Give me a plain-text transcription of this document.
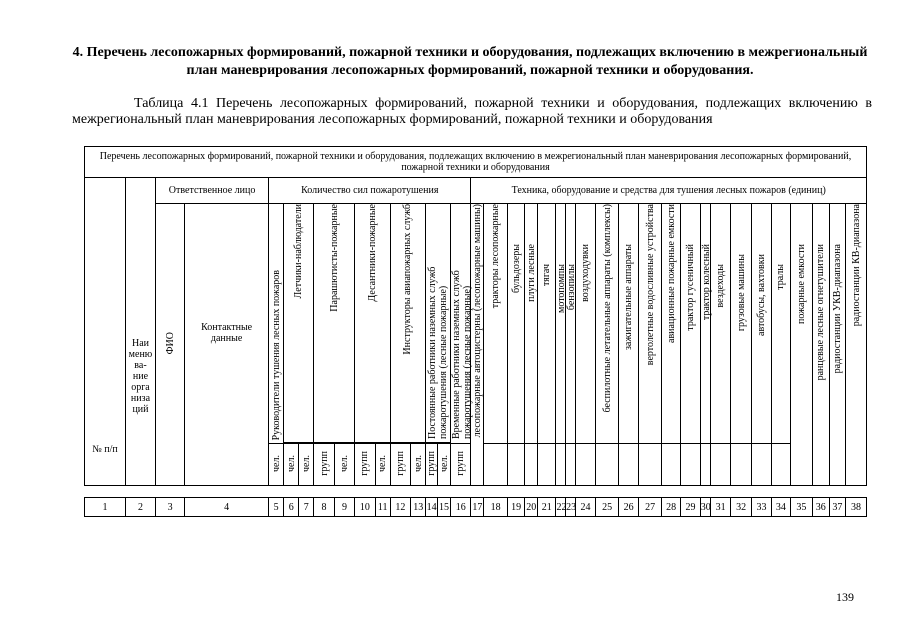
4. Перечень лесопожарных формирований, пожарной техники и оборудования, подлежащих включению в межрегиональный план маневрирования лесопожарных формирований, пожарной техники и оборудования.
Таблица 4.1 Перечень лесопожарных формирований, пожарной техники и оборудования, подлежащих включению в межрегиональный план маневрирования лесопожарных формирований, пожарной техники и оборудования
Перечень лесопожарных формирований, пожарной техники и оборудования, подлежащих включению в межрегиональный план маневрирования лесопожарных формирований, пожарной техники и оборудования																																					

№ п/п	Наи меню ва- ние орга низа ций	Ответственное лицо		Количество сил пожаротушения												Техника, оборудование и средства для тушения лесных пожаров (единиц)																					
		ФИО	Контактные данные	Руководители тушения лесных пожаров	Летчики-наблюдатели		Парашютисты-пожарные		Десантники-пожарные		Инструкторы авиапожарных служб		Постоянные работники наземных служб пожаротушения (лесные пожарные)		Временные работники наземных служб пожаротушения (лесные пожарные)	лесопожарные автоцистерны (лесопожарные машины)	тракторы лесопожарные	бульдозеры	плуги лесные	тягач	мотопомпы	бензопилы	воздуходувки	беспилотные летательные аппараты (комплексы)	зажигательные аппараты	вертолетные водосливные устройства	авиационные пожарные емкости	трактор гусеничный	трактор колесный	вездеходы	грузовые машины	автобусы, вахтовки	тралы	пожарные емкости	ранцевые лесные огнетушители	радиостанции УКВ-диапазона	радиостанции КВ-диапазона

				чел.	чел.	чел.	групп	чел.	групп	чел.	групп	чел.	групп	чел.	групп																						

1	2	3	4	5	6	7	8	9	10	11	12	13	14	15	16	17	18	19	20	21	22	23	24	25	26	27	28	29	30	31	32	33	34	35	36	37	38
139
